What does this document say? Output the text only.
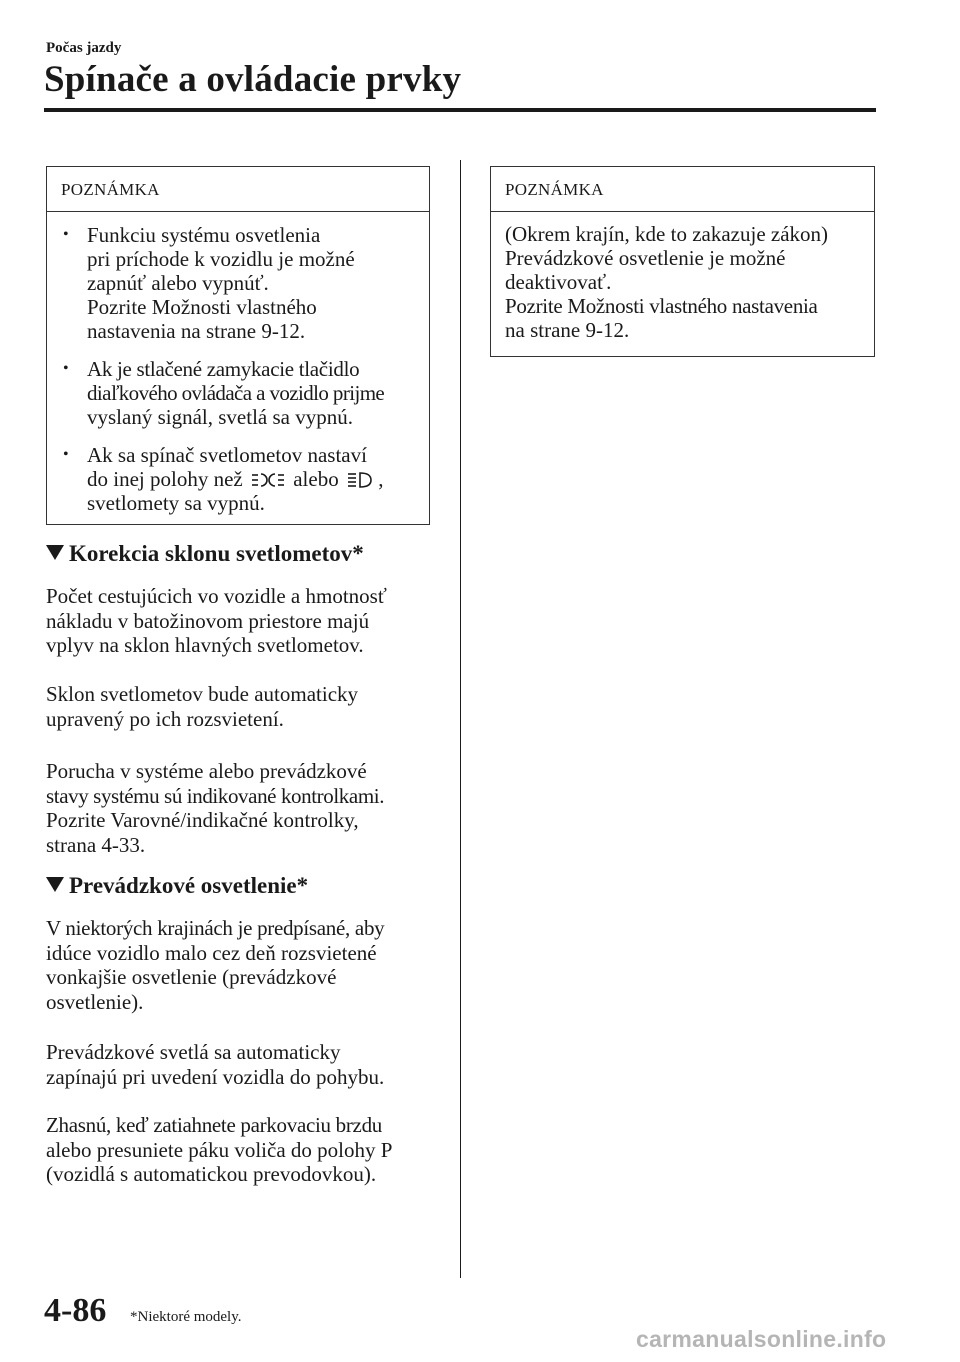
Počas jazdy
Spínače a ovládacie prvky
POZNÁMKA
• Funkciu systému osvetlenia
pri príchode k vozidlu je možné
zapnúť alebo vypnúť.
Pozrite Možnosti vlastného
nastavenia na strane 9-12.
• Ak je stlačené zamykacie tlačidlo
diaľkového ovládača a vozidlo prijme
vyslaný signál, svetlá sa vypnú.
• Ak sa spínač svetlometov nastaví
do inej polohy než alebo ,
svetlomety sa vypnú.
Korekcia sklonu svetlometov*

Počet cestujúcich vo vozidle a hmotnosť
nákladu v batožinovom priestore majú
vplyv na sklon hlavných svetlometov.

Sklon svetlometov bude automaticky
upravený po ich rozsvietení.

Porucha v systéme alebo prevádzkové
stavy systému sú indikované kontrolkami.
Pozrite Varovné/indikačné kontrolky,
strana 4-33.

Prevádzkové osvetlenie*

V niektorých krajinách je predpísané, aby
idúce vozidlo malo cez deň rozsvietené
vonkajšie osvetlenie (prevádzkové
osvetlenie).

Prevádzkové svetlá sa automaticky
zapínajú pri uvedení vozidla do pohybu.

Zhasnú, keď zatiahnete parkovaciu brzdu
alebo presuniete páku voliča do polohy P
(vozidlá s automatickou prevodovkou).

POZNÁMKA
(Okrem krajín, kde to zakazuje zákon)
Prevádzkové osvetlenie je možné
deaktivovať.
Pozrite Možnosti vlastného nastavenia
na strane 9-12.
4-86 *Niektoré modely.
carmanualsonline.info
